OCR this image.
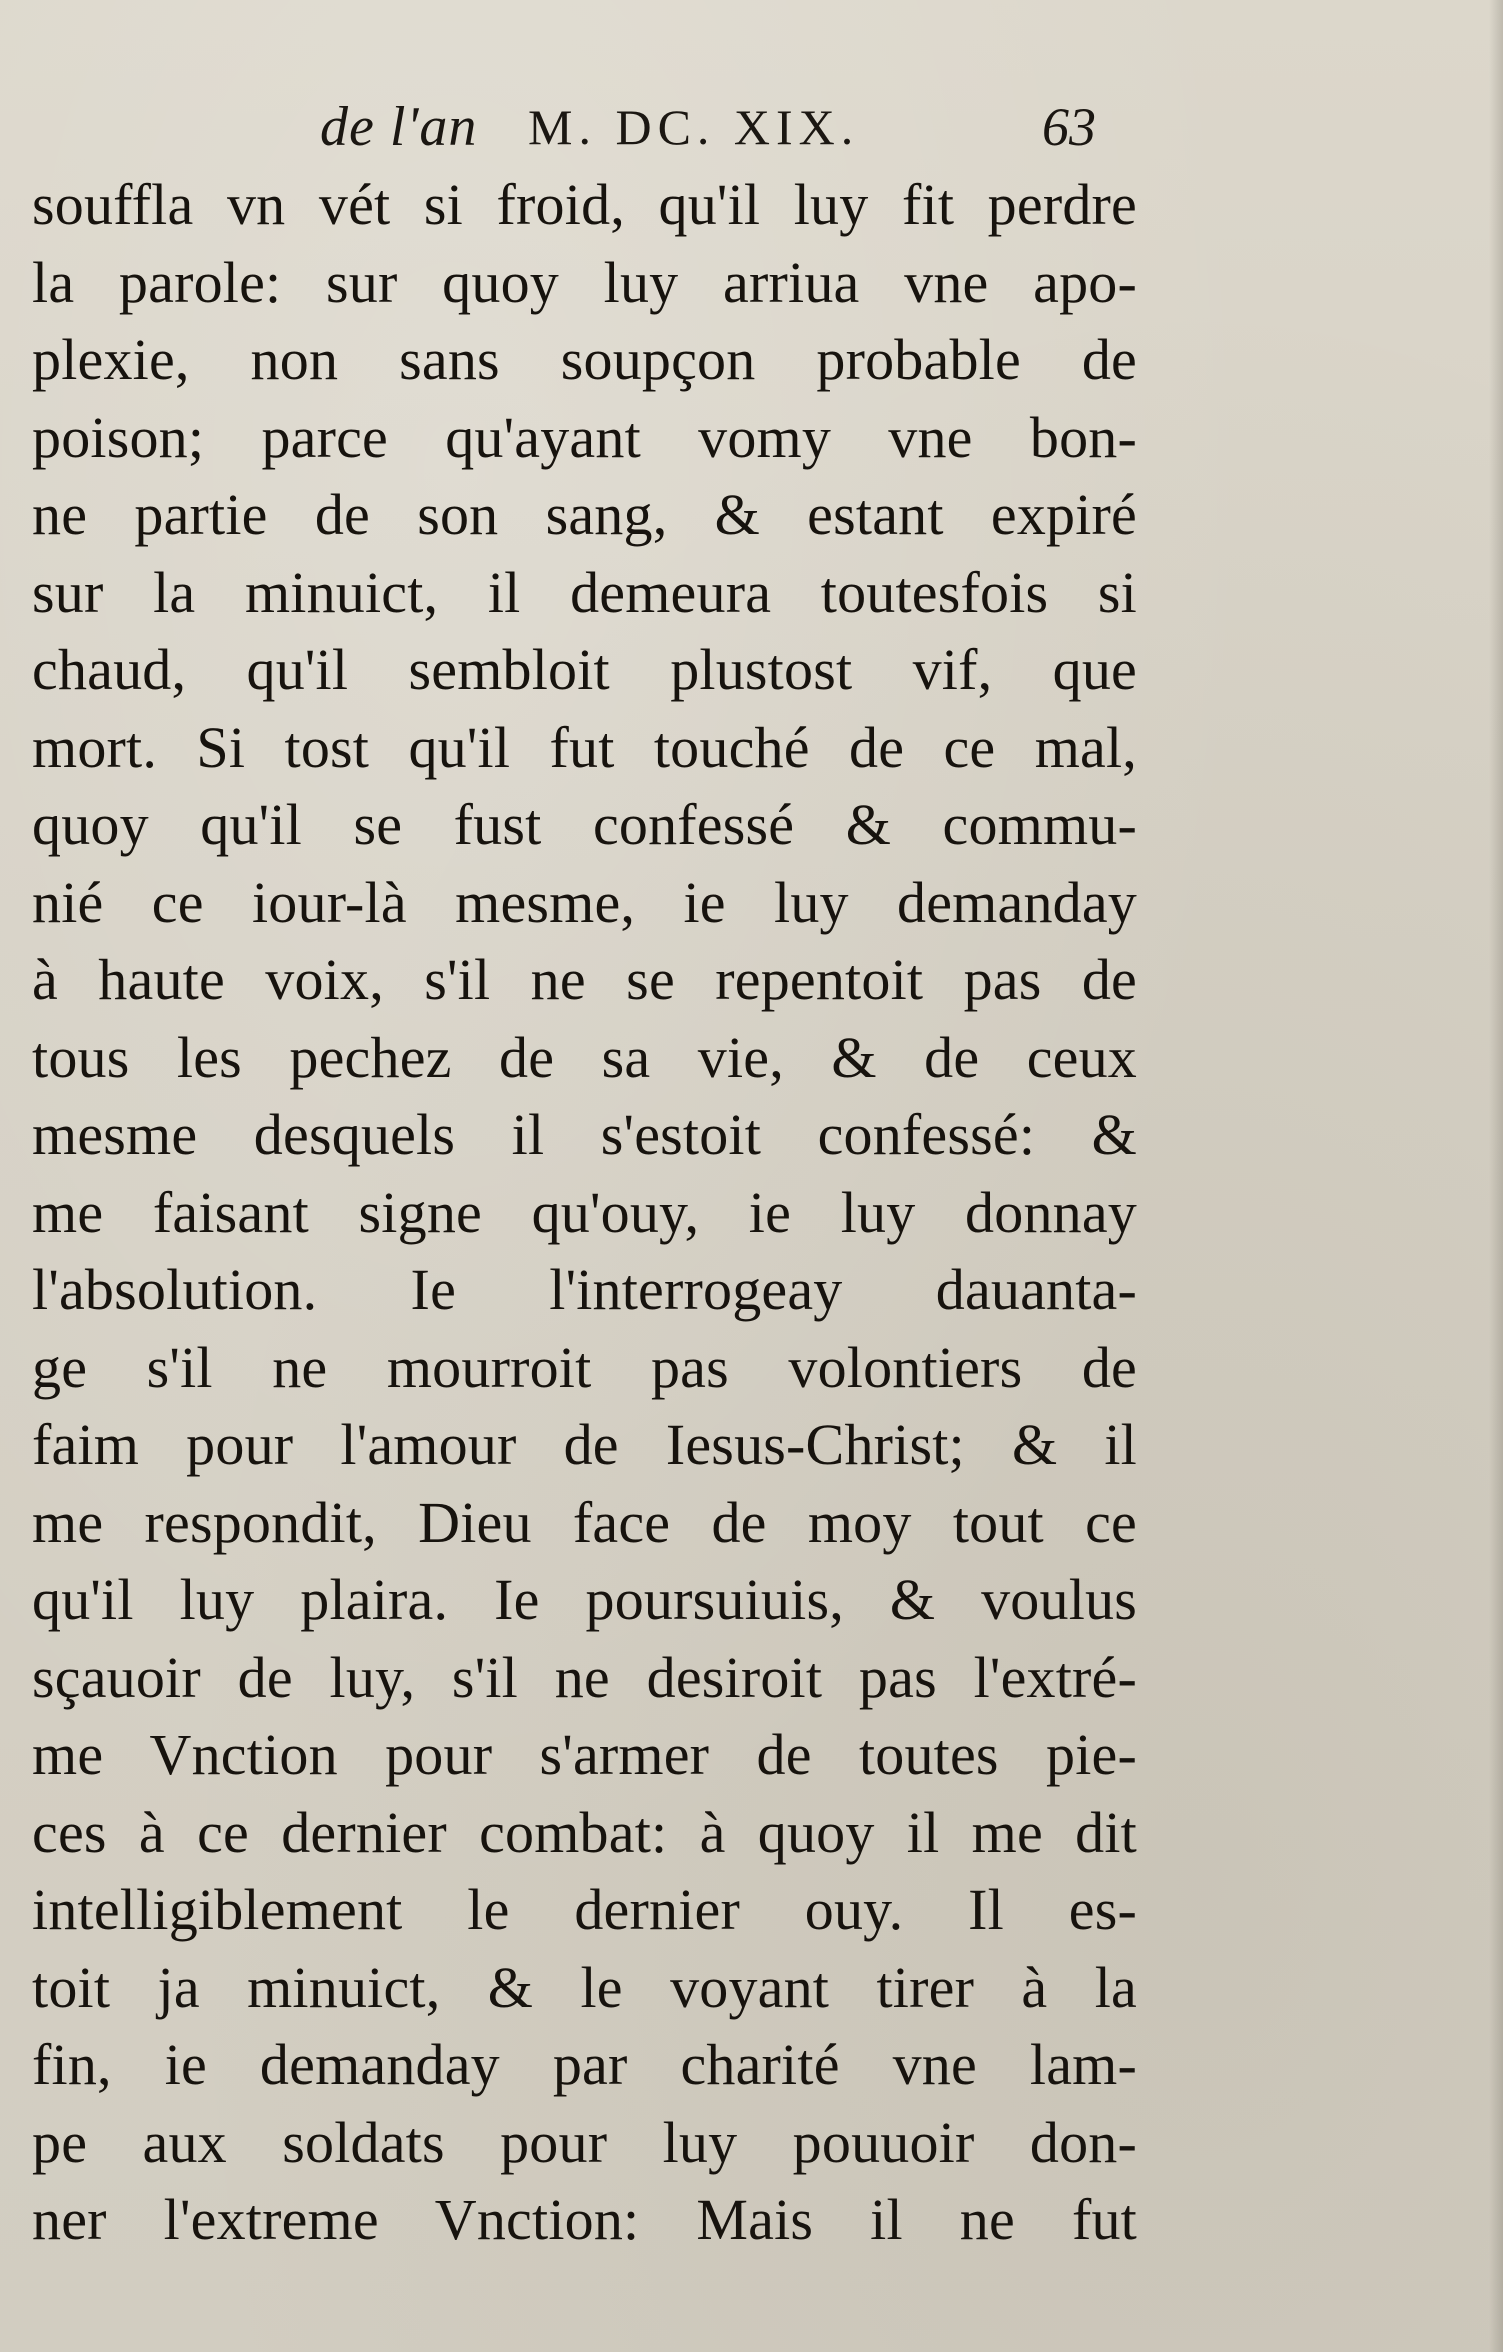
de l'an M. DC. XIX.	63
souffla vn vét si froid, qu'il luy fit perdre
la parole: sur quoy luy arriua vne apo-
plexie, non sans soupçon probable de
poison; parce qu'ayant vomy vne bon-
ne partie de son sang, & estant expiré
sur la minuict, il demeura toutesfois si
chaud, qu'il sembloit plustost vif, que
mort. Si tost qu'il fut touché de ce mal,
quoy qu'il se fust confessé & commu-
nié ce iour-là mesme, ie luy demanday
à haute voix, s'il ne se repentoit pas de
tous les pechez de sa vie, & de ceux
mesme desquels il s'estoit confessé: &
me faisant signe qu'ouy, ie luy donnay
l'absolution. Ie l'interrogeay dauanta-
ge s'il ne mourroit pas volontiers de
faim pour l'amour de Iesus-Christ; & il
me respondit, Dieu face de moy tout ce
qu'il luy plaira. Ie poursuiuis, & voulus
sçauoir de luy, s'il ne desiroit pas l'extré-
me Vnction pour s'armer de toutes pie-
ces à ce dernier combat: à quoy il me dit
intelligiblement le dernier ouy. Il es-
toit ja minuict, & le voyant tirer à la
fin, ie demanday par charité vne lam-
pe aux soldats pour luy pouuoir don-
ner l'extreme Vnction: Mais il ne fut
